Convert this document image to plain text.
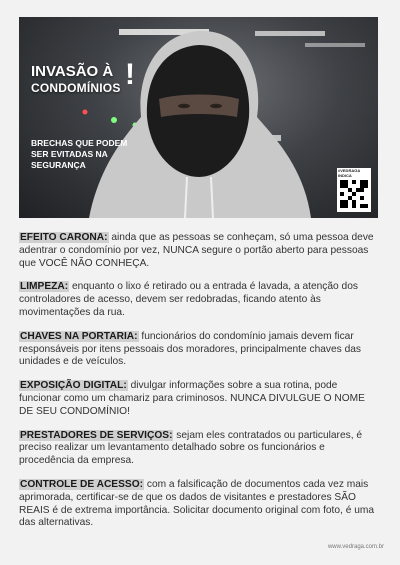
INVASÃO À
CONDOMÍNIOS !
BRECHAS QUE PODEM SER EVITADAS NA SEGURANÇA
#VEDRAGA
INDICA

EFEITO CARONA: ainda que as pessoas se conheçam, só uma pessoa deve adentrar o condomínio por vez, NUNCA segure o portão aberto para pessoas que VOCÊ NÃO CONHEÇA.

LIMPEZA: enquanto o lixo é retirado ou a entrada é lavada, a atenção dos controladores de acesso, devem ser redobradas, ficando atento às movimentações da rua.

CHAVES NA PORTARIA: funcionários do condomínio jamais devem ficar responsáveis por itens pessoais dos moradores, principalmente chaves das unidades e de veículos.

EXPOSIÇÃO DIGITAL: divulgar informações sobre a sua rotina, pode funcionar como um chamariz para criminosos. NUNCA DIVULGUE O NOME DE SEU CONDOMÍNIO!

PRESTADORES DE SERVIÇOS: sejam eles contratados ou particulares, é preciso realizar um levantamento detalhado sobre os funcionários e procedência da empresa.

CONTROLE DE ACESSO: com a falsificação de documentos cada vez mais aprimorada, certificar-se de que os dados de visitantes e prestadores SÃO REAIS é de extrema importância. Solicitar documento original com foto, é uma das alternativas.

www.vedraga.com.br
